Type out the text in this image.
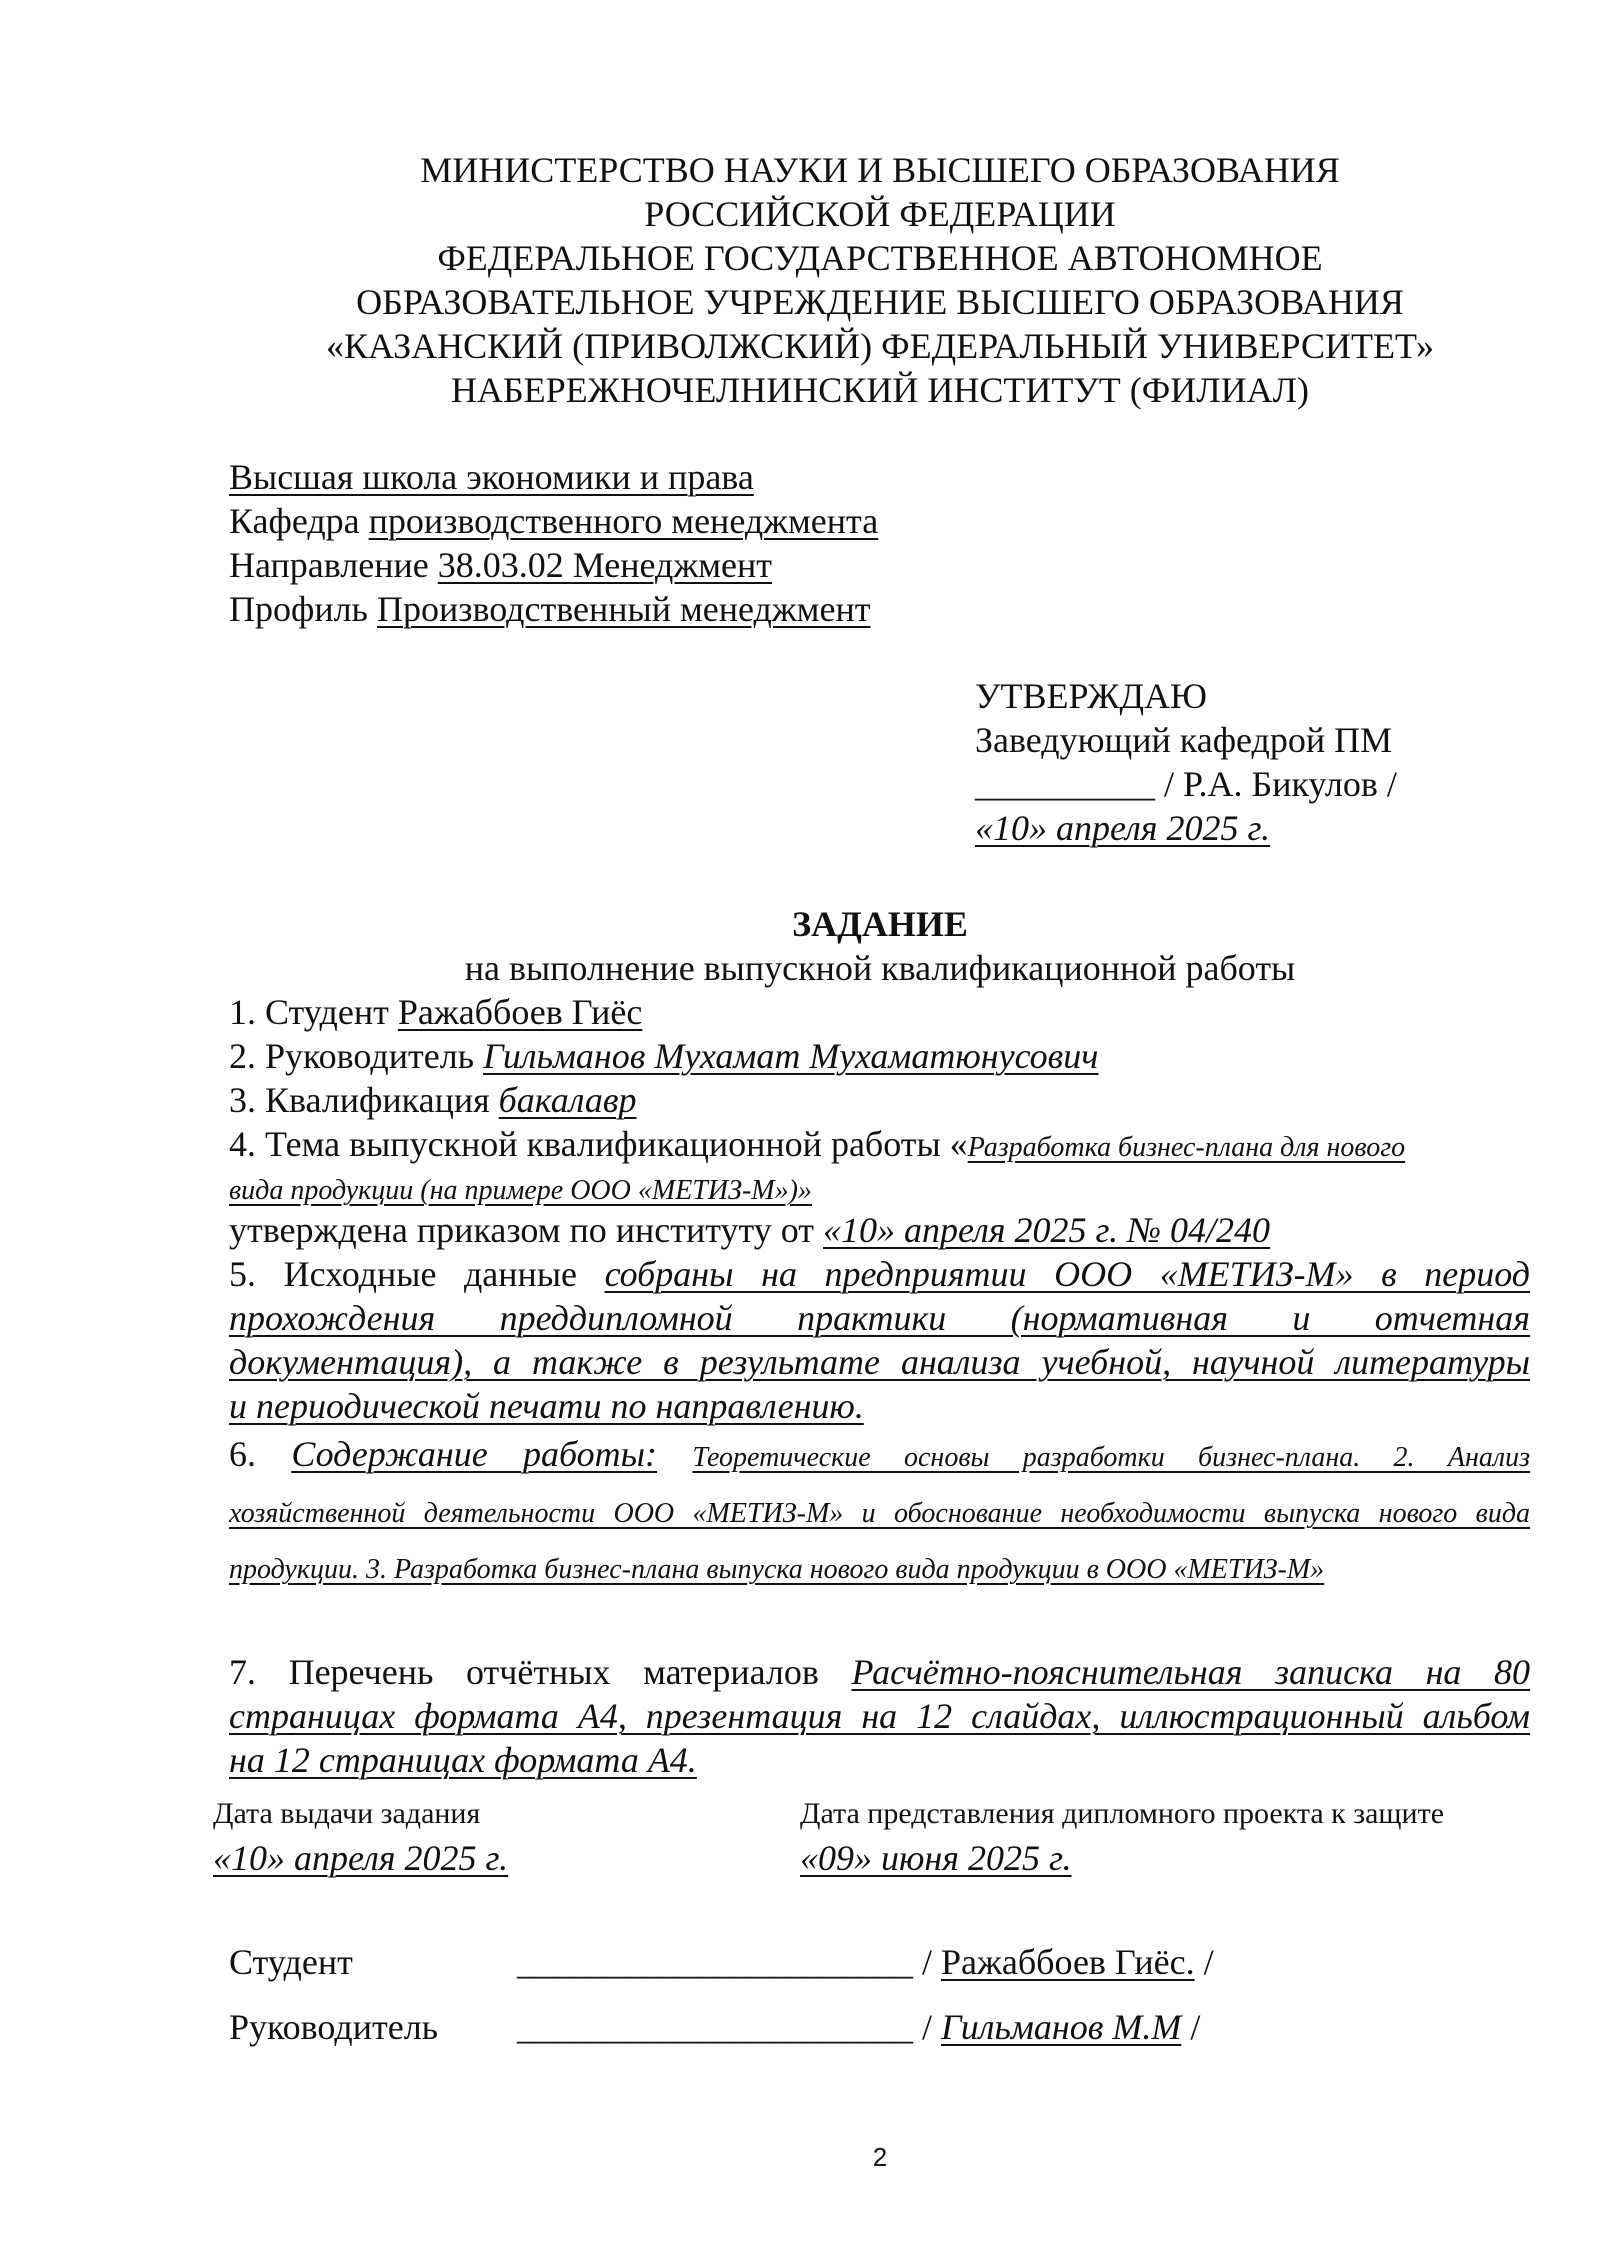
МИНИСТЕРСТВО НАУКИ И ВЫСШЕГО ОБРАЗОВАНИЯ
РОССИЙСКОЙ ФЕДЕРАЦИИ
ФЕДЕРАЛЬНОЕ ГОСУДАРСТВЕННОЕ АВТОНОМНОЕ
ОБРАЗОВАТЕЛЬНОЕ УЧРЕЖДЕНИЕ ВЫСШЕГО ОБРАЗОВАНИЯ
«КАЗАНСКИЙ (ПРИВОЛЖСКИЙ) ФЕДЕРАЛЬНЫЙ УНИВЕРСИТЕТ»
НАБЕРЕЖНОЧЕЛНИНСКИЙ ИНСТИТУТ (ФИЛИАЛ)
Высшая школа экономики и права
Кафедра производственного менеджмента
Направление 38.03.02 Менеджмент
Профиль Производственный менеджмент
УТВЕРЖДАЮ
Заведующий кафедрой ПМ
__________ / Р.А. Бикулов /
«10» апреля 2025 г.
ЗАДАНИЕ
на выполнение выпускной квалификационной работы
1. Студент Ражаббоев Гиёс
2. Руководитель Гильманов Мухамат Мухаматюнусович
3. Квалификация бакалавр
4. Тема выпускной квалификационной работы «Разработка бизнес-плана для нового
вида продукции (на примере ООО «МЕТИЗ-М»)»
утверждена приказом по институту от «10» апреля 2025 г. № 04/240
5. Исходные данные собраны на предприятии ООО «МЕТИЗ-М» в период
прохождения преддипломной практики (нормативная и отчетная
документация), а также в результате анализа учебной, научной литературы
и периодической печати по направлению.
6. Содержание работы: Теоретические основы разработки бизнес-плана. 2. Анализ
хозяйственной деятельности ООО «МЕТИЗ-М» и обоснование необходимости выпуска нового вида
продукции. 3. Разработка бизнес-плана выпуска нового вида продукции в ООО «МЕТИЗ-М»
7. Перечень отчётных материалов Расчётно-пояснительная записка на 80
страницах формата А4, презентация на 12 слайдах, иллюстрационный альбом
на 12 страницах формата А4.
Дата выдачи задания
«10» апреля 2025 г.
Дата представления дипломного проекта к защите
«09» июня 2025 г.
Студент	______________________ / Ражаббоев Гиёс. /
Руководитель ______________________ / Гильманов М.М /
2
